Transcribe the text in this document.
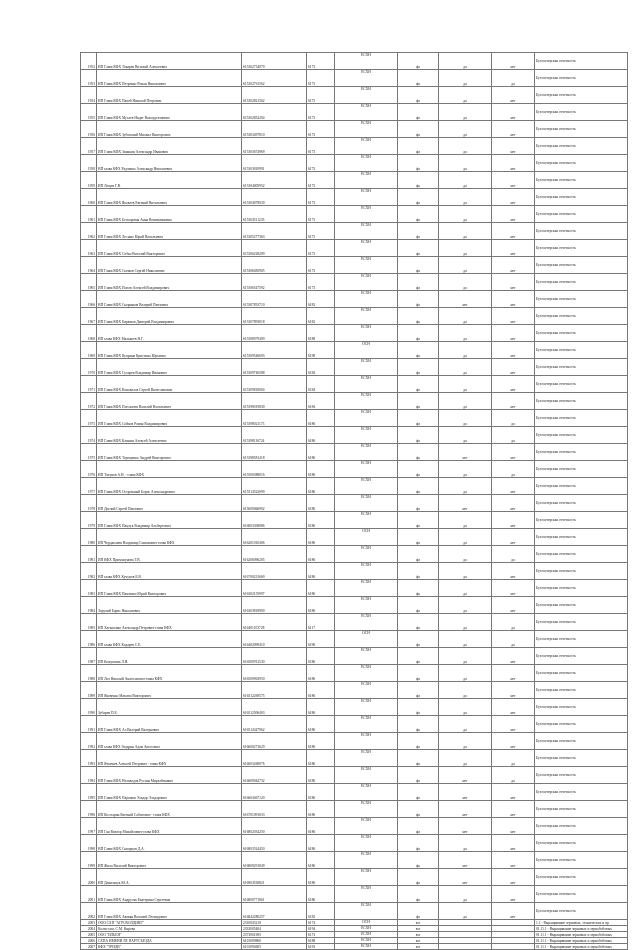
1952	ИП Глава КФХ Токарев Виталий Алексеевич	615302734079	6173	ЕСХН	фл	да	нет	Бухгалтерская отчетность	
1953	ИП Глава КФХ Петренко Роман Николаевич	615302761562	6173	ЕСХН	фл	да	да	Бухгалтерская отчетность	
1954	ИП Глава КФХ Папей Николай Петрович	615302821562	6173	ЕСХН	фл	да	нет	Бухгалтерская отчетность	
1955	ИП Глава КФХ Мусаев Нидат Вахмудгазиевич	615302852204	6173	ЕСХН	фл	да	нет	Бухгалтерская отчетность	
1956	ИП Глава КФХ Зубовский Михаил Викторович	615303497810	6173	ЕСХН	фл	да	нет	Бухгалтерская отчетность	
1957	ИП Глава КФХ Зинькин Александр Иванович	615303674969	6173	ЕСХН	фл	да	нет	Бухгалтерская отчетность	
1958	ИП глава КФХ Радченко Александр Николаевич	615303810991	6173	ЕСХН	фл	да	нет	Бухгалтерская отчетность	
1959	ИП Лещев Г.В.	615304005952	6173	ЕСХН	фл	да	нет	Бухгалтерская отчетность	
1960	ИП Глава КФХ Яковлев Евгений Витальевич	615304078030	6173	ЕСХН	фл	да	нет	Бухгалтерская отчетность	
1961	ИП Глава КФХ Бескоровая Анна Вениаминовна	615304511235	6173	ЕСХН	фл	да	нет	Бухгалтерская отчетность	
1962	ИП Глава КФХ Лесных Юрий Васильевич	615305277363	6173	ЕСХН	фл	да	нет	Бухгалтерская отчетность	
1963	ИП Глава КФХ Собко Виталий Викторович	615306228209	6173	ЕСХН	фл	да	нет	Бухгалтерская отчетность	
1964	ИП Глава КФХ Сычков Сергей Николаевич	615306485905	6173	ЕСХН	фл	да	нет	Бухгалтерская отчетность	
1965	ИП Глава КФХ Попов Алексей Владимирович	615306547592	6173	ЕСХН	фл	да	нет	Бухгалтерская отчетность	
1966	ИП Глава КФХ Скорняков Валерий Павлович	615307833710	6182	ЕСХН	фл	нет	нет	Бухгалтерская отчетность	
1967	ИП Глава КФХ Бирюков Дмитрий Владимирович	615307893018	6182	ЕСХН	фл	да	нет	Бухгалтерская отчетность	
1968	ИП глава КФХ Малышев Н.Г.	615308079409	6188	ЕСХН	фл	да	нет	Бухгалтерская отчетность	
1969	ИП Глава КФХ Куприна Кристина Юрьевна	615309546693	6198	ОСН	фл	да	нет	Бухгалтерская отчетность	
1970	ИП Глава КФХ Сухарев Владимир Иванович	615309746588	6184	ЕСХН	фл	да	нет	Бухгалтерская отчетность	
1971	ИП Глава КФХ Коновалов Сергей Вячеславович	615309818004	6184	ЕСХН	фл	да	нет	Бухгалтерская отчетность	
1972	ИП Глава КФХ Плескачев Василий Васильевич	615398019830	6184	ЕСХН	фл	да	нет	Бухгалтерская отчетность	
1973	ИП Глава КФХ Сойков Роман Владимирович	615398021173	6186	ЕСХН	фл	да	да	Бухгалтерская отчетность	
1974	ИП Глава КФХ Клинин Алексей Алексеевич	615398116724	6186	ЕСХН	фл	да	да	Бухгалтерская отчетность	
1975	ИП Глава КФХ Терещенко Андрей Викторович	615398581418	6186	ЕСХН	фл	нет	нет	Бухгалтерская отчетность	
1976	ИП Тахунов А.Н. - глава КФХ	615500388016	6186	ЕСХН	фл	да	да	Бухгалтерская отчетность	
1977	ИП Глава КФХ Острожный Борис Александрович	615514522699	6186	ЕСХН	фл	да	нет	Бухгалтерская отчетность	
1978	ИП Диглий Сергей Павлович	615600066902	6186	ЕСХН	фл	нет	нет	Бухгалтерская отчетность	
1979	ИП Глава КФХ Пацчук Владимир Альбертович	616003300886	6186	ЕСХН	фл	да	нет	Бухгалтерская отчетность	
1980	ИП Чердаклиев Владимир Симонович-глава КФХ	616201010406	6186	ОСН	фл	да	нет	Бухгалтерская отчетность	
1981	ИП КФХ Прихожунова Т.В.	616206096205	6186	ЕСХН	фл	да	да	Бухгалтерская отчетность	
1982	ИП глава КФХ Кучунов Е.В.	616700231669	6186	ЕСХН	фл	да	нет	Бухгалтерская отчетность	
1983	ИП Глава КФХ Павленко Юрий Викторович	616302155997	6186	ЕСХН	фл	да	нет	Бухгалтерская отчетность	
1984	Зоручий Борис Николаевич	616303818900	6186	ЕСХН	фл	да	нет	Бухгалтерская отчетность	
1985	ИП Хатьшенко Александр Петрович-глава КФХ	616401103728	6117	ЕСХН	фл	да	да	Бухгалтерская отчетность	
1986	ИП глава КФХ Кодарев С.Е.	616402099410	6196	ОСН	фл	да	да	Бухгалтерская отчетность	
1987	ИП Кожушина Л.Н.	616500912530	6186	ЕСХН	фл	да	нет	Бухгалтерская отчетность	
1988	ИП Лиз Николай Анатольевич-глава КФХ	616500963950	6186	ЕСХН	фл	да	нет	Бухгалтерская отчетность	
1989	ИП Яковенко Максим Викторович	616512269575	6186	ЕСХН	фл	да	нет	Бухгалтерская отчетность	
1990	Зубарев П.Е.	616512506403	6186	ЕСХН	фл	да	нет	Бухгалтерская отчетность	
1991	ИП Глава КФХ Ал Валерий Валерьевич	616512447962	6186	ЕСХН	фл	да	нет	Бухгалтерская отчетность	
1992	ИП глава КФХ Гвадрян Адам Ашотович	616600273629	6186	ЕСХН	фл	да	нет	Бухгалтерская отчетность	
1993	ИП Ячменев Алексей Петрович - глава КФХ	616603268076	6186	ЕСХН	фл	да	да	Бухгалтерская отчетность	
1994	ИП Глава КФХ Нельводов Руслан Мирзабекович	616609044732	6186	ЕСХН	фл	нет	да	Бухгалтерская отчетность	
1995	ИП Глава КФХ Паршков Эльдар Эльдарович	616604467120	6186	ЕСХН	фл	нет	нет	Бухгалтерская отчетность	
1996	ИП Костырин Евгений Сабитович - глава КФХ	616701091033	6186	ЕСХН	фл	нет	нет	Бухгалтерская отчетность	
1997	ИП Ган Виктор Михайлович-глава КФХ	616802034250	6186	ЕСХН	фл	нет	нет	Бухгалтерская отчетность	
1998	ИП Глава КФХ Скворцов Д.А.	616803524450	6186	ЕСХН	фл	да	нет	Бухгалтерская отчетность	
1999	ИП Жила Василий Викторович	616809291849	6186	ЕСХН	фл	нет	нет	Бухгалтерская отчетность	
2000	ИП Данильчук Ю.А.	616904530821	6186	ЕСХН	фл	нет	нет	Бухгалтерская отчетность	
2001	ИП Глава КФХ Андрусяк Екатерина Сергеевна	616800771861	6186	ЕСХН	фл	да	нет	Бухгалтерская отчетность	
2002	ИП Глава КФХ Авакян Виталий Леонидович	616842280257	6182	ЕСХН	фл	да	нет	Бухгалтерская отчетность	
2003	ООО СХП "АГРОХОЛДИНГ"	2310043210	6174	ОСН	юл			1.1 - Выращивание зерновых, технических и пр	
2004	Колхоз им. С.М. Кирова	2333005404	6194	ЕСХН	юл			01.11.1 - Выращивание зерновых и зернобобовых	
2005	ООО "ИЛЬЕН"	2373001695	6173	ЕСХН	юл			01.11.1 - Выращивание зерновых и зернобобовых	
2006	СХПА ИМЕНИ ЛЕ ПАРТСЪЕЗДА	6101009860	6188	ЕСХН	юл			01.11.1 - Выращивание зерновых и зернобобовых	
2007	КФХ "ТРИДВ"	6101094605	6193	ЕСХН	юл			01.11.1 - Выращивание зерновых и зернобобовых	
